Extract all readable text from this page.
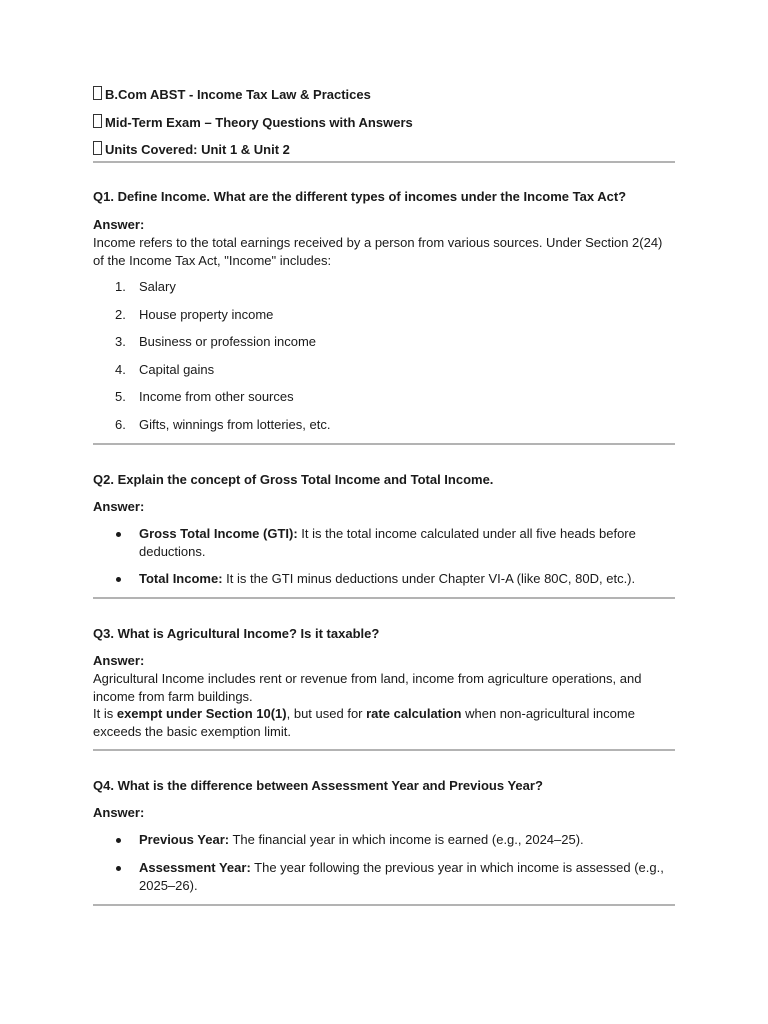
B.Com ABST - Income Tax Law & Practices
Mid-Term Exam – Theory Questions with Answers
Units Covered: Unit 1 & Unit 2

Q1. Define Income. What are the different types of incomes under the Income Tax Act?

Answer:

Income refers to the total earnings received by a person from various sources. Under Section 2(24) of the Income Tax Act, "Income" includes:

1. Salary
2. House property income
3. Business or profession income
4. Capital gains
5. Income from other sources
6. Gifts, winnings from lotteries, etc.

Q2. Explain the concept of Gross Total Income and Total Income.

Answer:

Gross Total Income (GTI): It is the total income calculated under all five heads before deductions.
Total Income: It is the GTI minus deductions under Chapter VI-A (like 80C, 80D, etc.).

Q3. What is Agricultural Income? Is it taxable?

Answer:

Agricultural Income includes rent or revenue from land, income from agriculture operations, and income from farm buildings.

It is exempt under Section 10(1), but used for rate calculation when non-agricultural income exceeds the basic exemption limit.

Q4. What is the difference between Assessment Year and Previous Year?

Answer:

Previous Year: The financial year in which income is earned (e.g., 2024–25).
Assessment Year: The year following the previous year in which income is assessed (e.g., 2025–26).
